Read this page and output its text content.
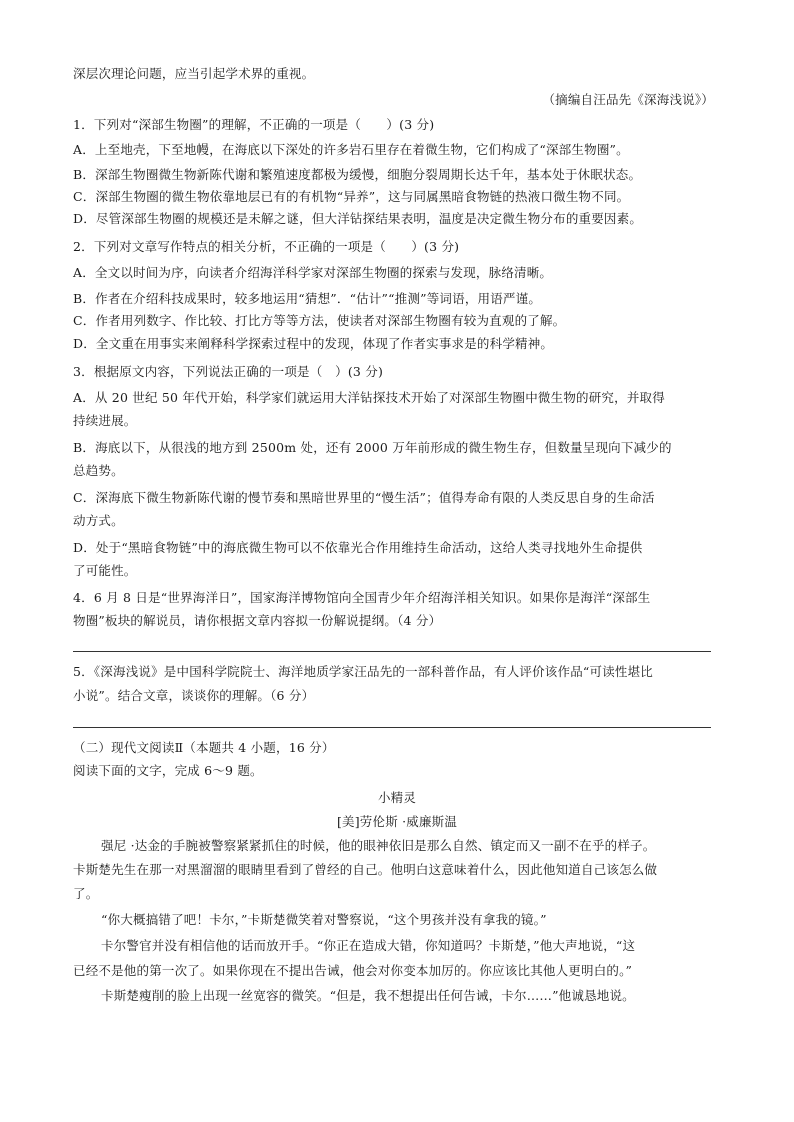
深层次理论问题，应当引起学术界的重视。
（摘编自汪品先《深海浅说》）
1．下列对“深部生物圈”的理解，不正确的一项是（　　）(3 分)
A．上至地壳，下至地幔，在海底以下深处的许多岩石里存在着微生物，它们构成了“深部生物圈”。
B．深部生物圈微生物新陈代谢和繁殖速度都极为缓慢，细胞分裂周期长达千年，基本处于休眠状态。
C．深部生物圈的微生物依靠地层已有的有机物“异养”，这与同属黑暗食物链的热液口微生物不同。
D．尽管深部生物圈的规模还是未解之谜，但大洋钻探结果表明，温度是决定微生物分布的重要因素。
2．下列对文章写作特点的相关分析，不正确的一项是（　　）(3 分)
A．全文以时间为序，向读者介绍海洋科学家对深部生物圈的探索与发现，脉络清晰。
B．作者在介绍科技成果时，较多地运用“猜想”．“估计”“推测”等词语，用语严谨。
C．作者用列数字、作比较、打比方等等方法，使读者对深部生物圈有较为直观的了解。
D．全文重在用事实来阐释科学探索过程中的发现，体现了作者实事求是的科学精神。
3．根据原文内容，下列说法正确的一项是（　）(3 分)
A．从 20 世纪 50 年代开始，科学家们就运用大洋钻探技术开始了对深部生物圈中微生物的研究，并取得
持续进展。
B．海底以下，从很浅的地方到 2500m 处，还有 2000 万年前形成的微生物生存，但数量呈现向下减少的
总趋势。
C．深海底下微生物新陈代谢的慢节奏和黑暗世界里的“慢生活”；值得寿命有限的人类反思自身的生命活
动方式。
D．处于“黑暗食物链”中的海底微生物可以不依靠光合作用维持生命活动，这给人类寻找地外生命提供
了可能性。
4．6 月 8 日是“世界海洋日”，国家海洋博物馆向全国青少年介绍海洋相关知识。如果你是海洋“深部生
物圈”板块的解说员，请你根据文章内容拟一份解说提纲。（4 分）
5．《深海浅说》是中国科学院院士、海洋地质学家汪品先的一部科普作品，有人评价该作品“可读性堪比
小说”。结合文章，谈谈你的理解。（6 分）
（二）现代文阅读Ⅱ（本题共 4 小题，16 分）
阅读下面的文字，完成 6～9 题。
小精灵
[美]劳伦斯 ·威廉斯温
强尼 ·达金的手腕被警察紧紧抓住的时候，他的眼神依旧是那么自然、镇定而又一副不在乎的样子。
卡斯楚先生在那一对黑溜溜的眼睛里看到了曾经的自己。他明白这意味着什么，因此他知道自己该怎么做
了。
“你大概搞错了吧！卡尔，”卡斯楚微笑着对警察说，“这个男孩并没有拿我的镜。”
卡尔警官并没有相信他的话而放开手。“你正在造成大错，你知道吗？卡斯楚，”他大声地说，“这
已经不是他的第一次了。如果你现在不提出告诫，他会对你变本加厉的。你应该比其他人更明白的。”
卡斯楚瘦削的脸上出现一丝宽容的微笑。“但是，我不想提出任何告诫，卡尔……”他诚恳地说。
